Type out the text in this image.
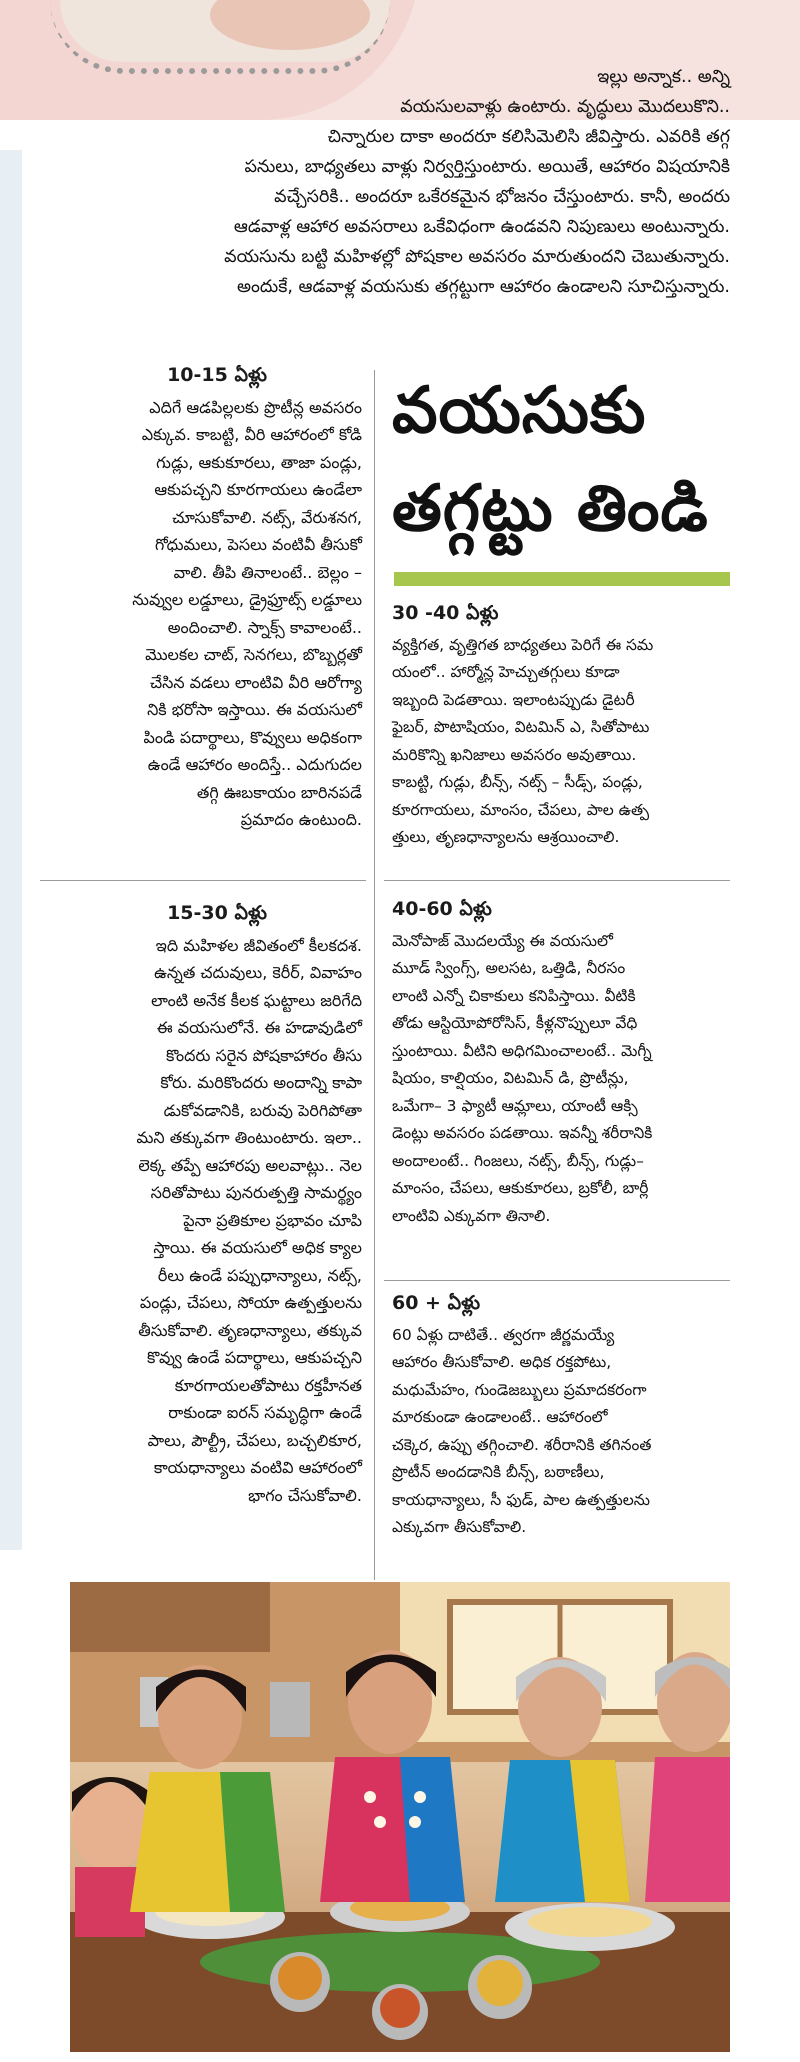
ఇల్లు అన్నాక.. అన్ని

వయసులవాళ్లు ఉంటారు. వృద్ధులు మొదలుకొని..

చిన్నారుల దాకా అందరూ కలిసిమెలిసి జీవిస్తారు. ఎవరికి తగ్గ

పనులు, బాధ్యతలు వాళ్లు నిర్వర్తిస్తుంటారు. అయితే, ఆహారం విషయానికి

వచ్చేసరికి.. అందరూ ఒకేరకమైన భోజనం చేస్తుంటారు. కానీ, అందరు

ఆడవాళ్ల ఆహార అవసరాలు ఒకేవిధంగా ఉండవని నిపుణులు అంటున్నారు.

వయసును బట్టి మహిళల్లో పోషకాల అవసరం మారుతుందని చెబుతున్నారు.

అందుకే, ఆడవాళ్ల వయసుకు తగ్గట్టుగా ఆహారం ఉండాలని సూచిస్తున్నారు.

వయసుకు
తగ్గట్టు తిండి
10-15 ఏళ్లు
ఎదిగే ఆడపిల్లలకు ప్రొటీన్ల అవసరం
ఎక్కువ. కాబట్టి, వీరి ఆహారంలో కోడి
గుడ్లు, ఆకుకూరలు, తాజా పండ్లు,
ఆకుపచ్చని కూరగాయలు ఉండేలా
చూసుకోవాలి. నట్స్, వేరుశనగ,
గోధుమలు, పెసలు వంటివీ తీసుకో
వాలి. తీపి తినాలంటే.. బెల్లం –
నువ్వుల లడ్డూలు, డ్రైఫ్రూట్స్ లడ్డూలు
అందించాలి. స్నాక్స్ కావాలంటే..
మొలకల చాట్, సెనగలు, బొబ్బర్లతో
చేసిన వడలు లాంటివి వీరి ఆరోగ్యా
నికి భరోసా ఇస్తాయి. ఈ వయసులో
పిండి పదార్థాలు, కొవ్వులు అధికంగా
ఉండే ఆహారం అందిస్తే.. ఎదుగుదల
తగ్గి ఊబకాయం బారినపడే
ప్రమాదం ఉంటుంది.
15-30 ఏళ్లు
ఇది మహిళల జీవితంలో కీలకదశ.
ఉన్నత చదువులు, కెరీర్, వివాహం
లాంటి అనేక కీలక ఘట్టాలు జరిగేది
ఈ వయసులోనే. ఈ హడావుడిలో
కొందరు సరైన పోషకాహారం తీసు
కోరు. మరికొందరు అందాన్ని కాపా
డుకోవడానికి, బరువు పెరిగిపోతా
మని తక్కువగా తింటుంటారు. ఇలా..
లెక్క తప్పే ఆహారపు అలవాట్లు.. నెల
సరితోపాటు పునరుత్పత్తి సామర్థ్యం
పైనా ప్రతికూల ప్రభావం చూపి
స్తాయి. ఈ వయసులో అధిక క్యాల
రీలు ఉండే పప్పుధాన్యాలు, నట్స్,
పండ్లు, చేపలు, సోయా ఉత్పత్తులను
తీసుకోవాలి. తృణధాన్యాలు, తక్కువ
కొవ్వు ఉండే పదార్థాలు, ఆకుపచ్చని
కూరగాయలతోపాటు రక్తహీనత
రాకుండా ఐరన్ సమృద్ధిగా ఉండే
పాలు, పౌల్ట్రీ, చేపలు, బచ్చలికూర,
కాయధాన్యాలు వంటివి ఆహారంలో
భాగం చేసుకోవాలి.
30 -40 ఏళ్లు
వ్యక్తిగత, వృత్తిగత బాధ్యతలు పెరిగే ఈ సమ
యంలో.. హార్మోన్ల హెచ్చుతగ్గులు కూడా
ఇబ్బంది పెడతాయి. ఇలాంటప్పుడు డైటరీ
ఫైబర్, పొటాషియం, విటమిన్ ఎ, సితోపాటు
మరికొన్ని ఖనిజాలు అవసరం అవుతాయి.
కాబట్టి, గుడ్లు, బీన్స్, నట్స్ – సీడ్స్, పండ్లు,
కూరగాయలు, మాంసం, చేపలు, పాల ఉత్ప
త్తులు, తృణధాన్యాలను ఆశ్రయించాలి.
40-60 ఏళ్లు
మెనోపాజ్ మొదలయ్యే ఈ వయసులో
మూడ్ స్వింగ్స్, అలసట, ఒత్తిడి, నీరసం
లాంటి ఎన్నో చికాకులు కనిపిస్తాయి. వీటికి
తోడు ఆస్టియోపోరోసిస్, కీళ్లనొప్పులూ వేధి
స్తుంటాయి. వీటిని అధిగమించాలంటే.. మెగ్నీ
షియం, కాల్షియం, విటమిన్ డి, ప్రొటీన్లు,
ఒమేగా– 3 ఫ్యాటీ ఆమ్లాలు, యాంటీ ఆక్సి
డెంట్లు అవసరం పడతాయి. ఇవన్నీ శరీరానికి
అందాలంటే.. గింజలు, నట్స్, బీన్స్, గుడ్లు–
మాంసం, చేపలు, ఆకుకూరలు, బ్రకోలీ, బార్లీ
లాంటివి ఎక్కువగా తినాలి.
60 + ఏళ్లు
60 ఏళ్లు దాటితే.. త్వరగా జీర్ణమయ్యే
ఆహారం తీసుకోవాలి. అధిక రక్తపోటు,
మధుమేహం, గుండెజబ్బులు ప్రమాదకరంగా
మారకుండా ఉండాలంటే.. ఆహారంలో
చక్కెర, ఉప్పు తగ్గించాలి. శరీరానికి తగినంత
ప్రొటీన్ అందడానికి బీన్స్, బఠాణీలు,
కాయధాన్యాలు, సీ ఫుడ్, పాల ఉత్పత్తులను
ఎక్కువగా తీసుకోవాలి.
